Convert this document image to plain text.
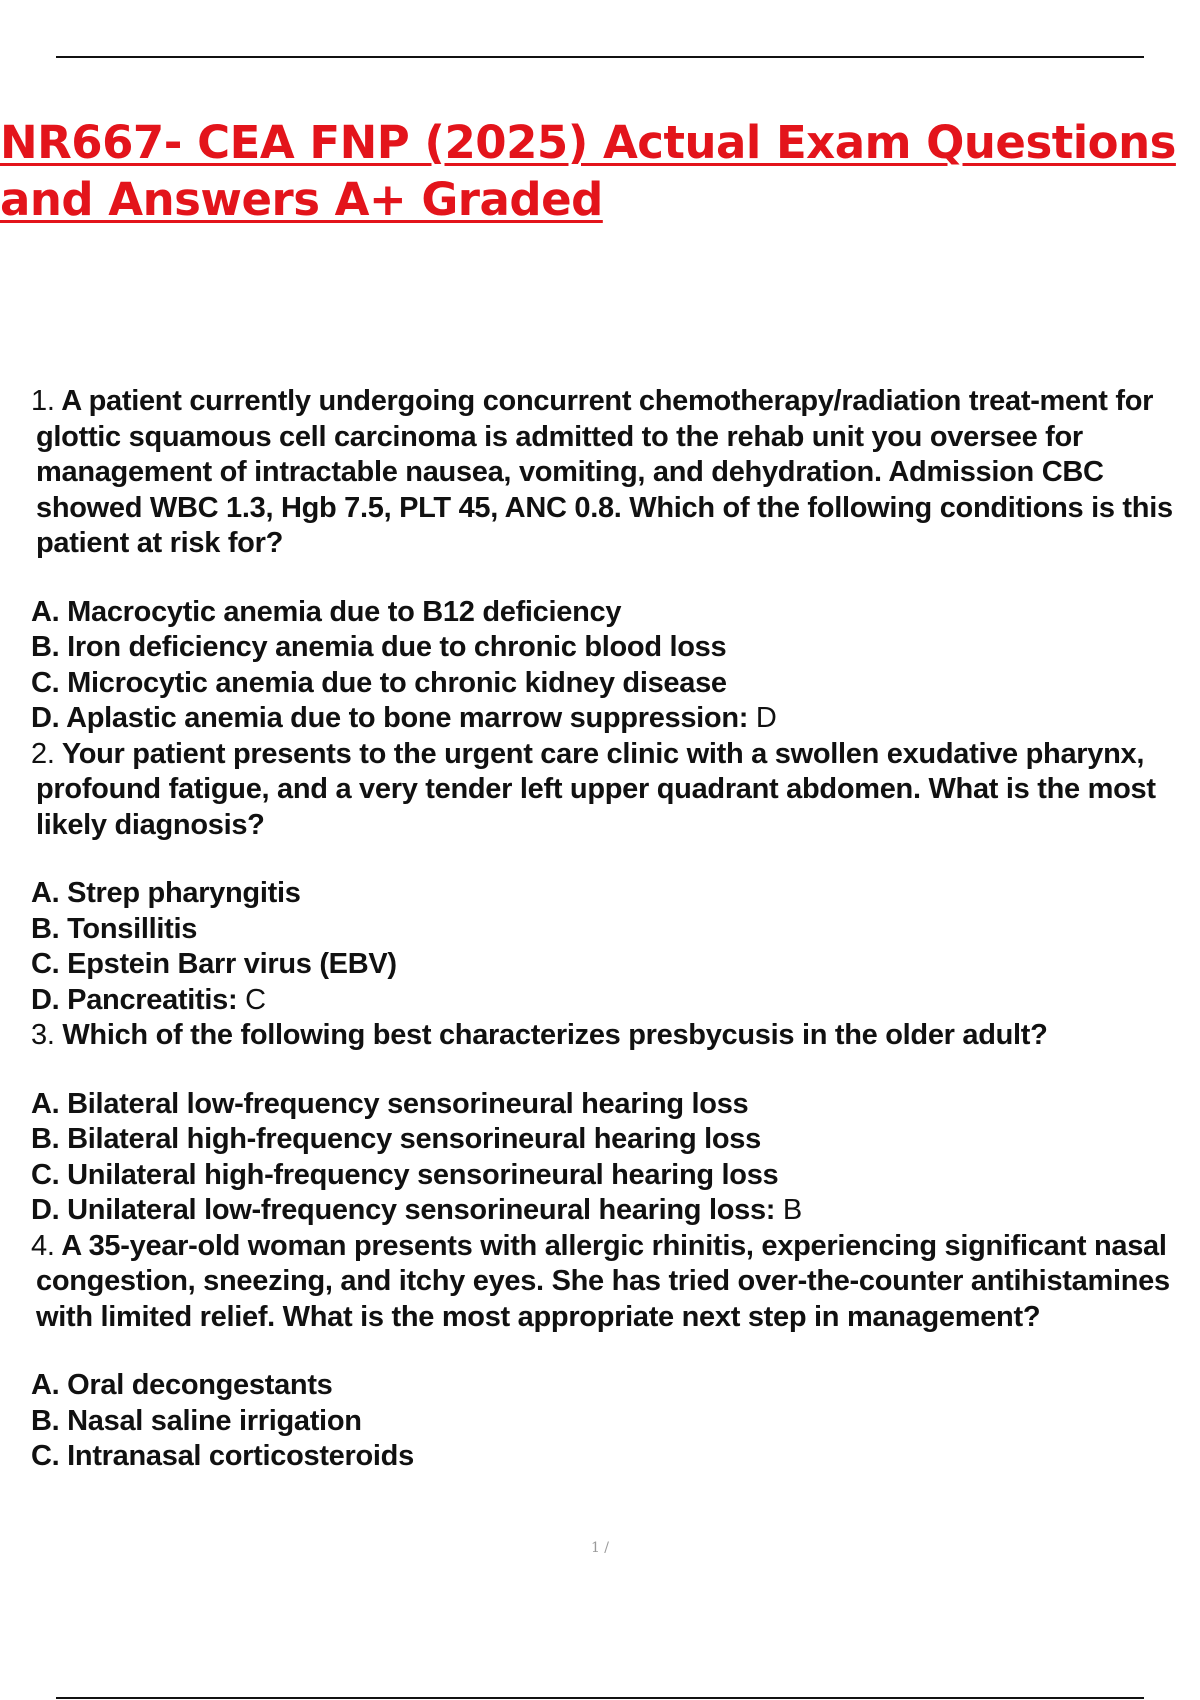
NR667- CEA FNP (2025) Actual Exam Questions
and Answers A+ Graded

1. A patient currently undergoing concurrent chemotherapy/radiation treat-ment for glottic squamous cell carcinoma is admitted to the rehab unit you oversee for management of intractable nausea, vomiting, and dehydration. Admission CBC showed WBC 1.3, Hgb 7.5, PLT 45, ANC 0.8. Which of the following conditions is this patient at risk for?

A. Macrocytic anemia due to B12 deficiency
B. Iron deficiency anemia due to chronic blood loss
C. Microcytic anemia due to chronic kidney disease
D. Aplastic anemia due to bone marrow suppression: D

2. Your patient presents to the urgent care clinic with a swollen exudative pharynx, profound fatigue, and a very tender left upper quadrant abdomen. What is the most likely diagnosis?

A. Strep pharyngitis
B. Tonsillitis
C. Epstein Barr virus (EBV)
D. Pancreatitis: C

3. Which of the following best characterizes presbycusis in the older adult?

A. Bilateral low-frequency sensorineural hearing loss
B. Bilateral high-frequency sensorineural hearing loss
C. Unilateral high-frequency sensorineural hearing loss
D. Unilateral low-frequency sensorineural hearing loss: B

4. A 35-year-old woman presents with allergic rhinitis, experiencing significant nasal congestion, sneezing, and itchy eyes. She has tried over-the-counter antihistamines with limited relief. What is the most appropriate next step in management?

A. Oral decongestants
B. Nasal saline irrigation
C. Intranasal corticosteroids
1 /
